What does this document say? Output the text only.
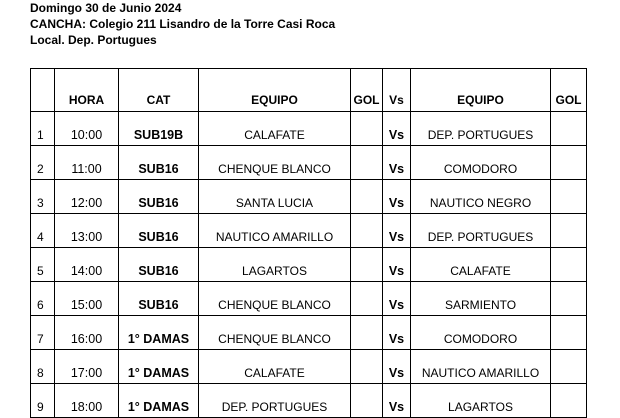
Domingo 30 de Junio 2024
CANCHA: Colegio 211 Lisandro de la Torre Casi Roca
Local. Dep. Portugues
	HORA	CAT	EQUIPO	GOL	Vs	EQUIPO	GOL
1	10:00	SUB19B	CALAFATE		Vs	DEP. PORTUGUES	
2	11:00	SUB16	CHENQUE BLANCO		Vs	COMODORO	
3	12:00	SUB16	SANTA LUCIA		Vs	NAUTICO NEGRO	
4	13:00	SUB16	NAUTICO AMARILLO		Vs	DEP. PORTUGUES	
5	14:00	SUB16	LAGARTOS		Vs	CALAFATE	
6	15:00	SUB16	CHENQUE BLANCO		Vs	SARMIENTO	
7	16:00	1° DAMAS	CHENQUE BLANCO		Vs	COMODORO	
8	17:00	1° DAMAS	CALAFATE		Vs	NAUTICO AMARILLO	
9	18:00	1° DAMAS	DEP. PORTUGUES		Vs	LAGARTOS	
